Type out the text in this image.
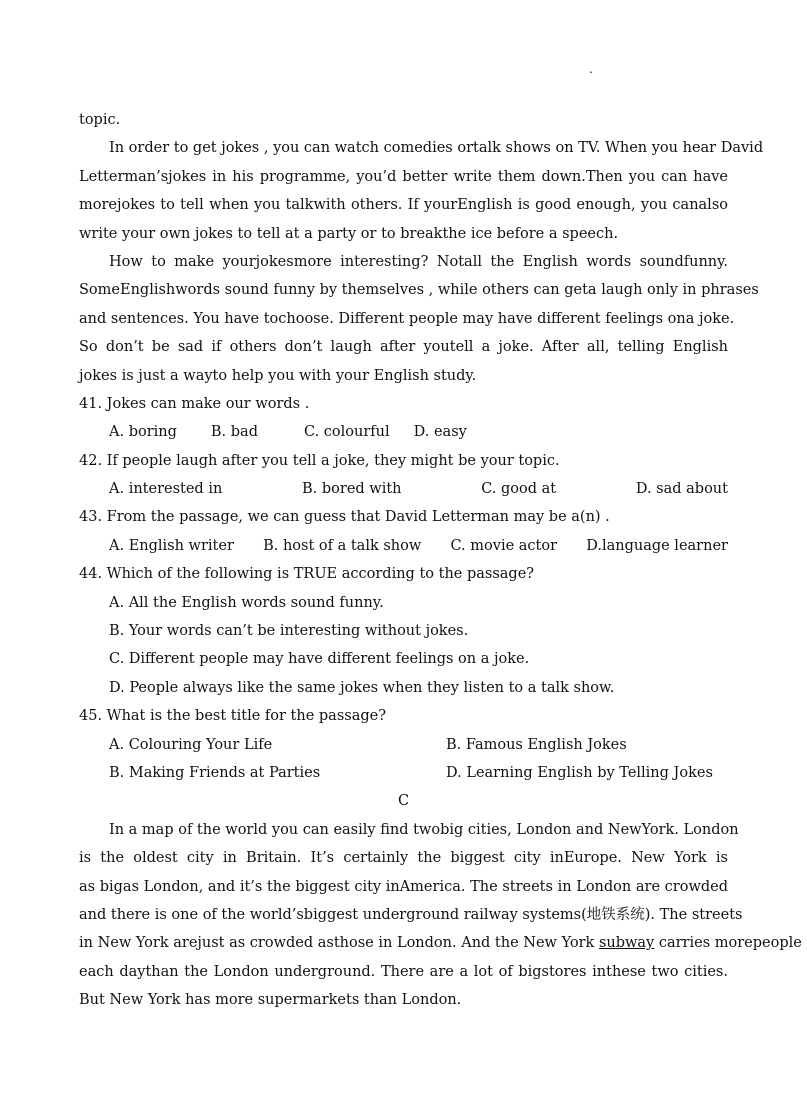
.
topic.
In order to get jokes , you can watch comedies ortalk shows on TV. When you hear David
Letterman’sjokes in his programme, you’d better write them down.Then you can have
morejokes to tell when you talkwith others. If yourEnglish is good enough, you canalso
write your own jokes to tell at a party or to breakthe ice before a speech.
How to make yourjokesmore interesting? Notall the English words soundfunny.
SomeEnglishwords sound funny by themselves , while others can geta laugh only in phrases
and sentences. You have tochoose. Different people may have different feelings ona joke.
So don’t be sad if others don’t laugh after youtell a joke. After all, telling English
jokes is just a wayto help you with your English study.
41. Jokes can make our words .
A. boring B. bad	C. colourful D. easy
42. If people laugh after you tell a joke, they might be your topic.
A. interested in	B. bored with	C. good at	D. sad about
43. From the passage, we can guess that David Letterman may be a(n) .
A. English writer B. host of a talk show C. movie actor D.language learner
44. Which of the following is TRUE according to the passage?
A. All the English words sound funny.
B. Your words can’t be interesting without jokes.
C. Different people may have different feelings on a joke.
D. People always like the same jokes when they listen to a talk show.
45. What is the best title for the passage?
A. Colouring Your Life	B. Famous English Jokes
B. Making Friends at Parties	D. Learning English by Telling Jokes
C
In a map of the world you can easily find twobig cities, London and NewYork. London
is the oldest city in Britain. It’s certainly the biggest city inEurope. New York is
as bigas London, and it’s the biggest city inAmerica. The streets in London are crowded
and there is one of the world’sbiggest underground railway systems(地铁系统). The streets
in New York arejust as crowded asthose in London. And the New York subway carries morepeople
each daythan the London underground. There are a lot of bigstores inthese two cities.
But New York has more supermarkets than London.
